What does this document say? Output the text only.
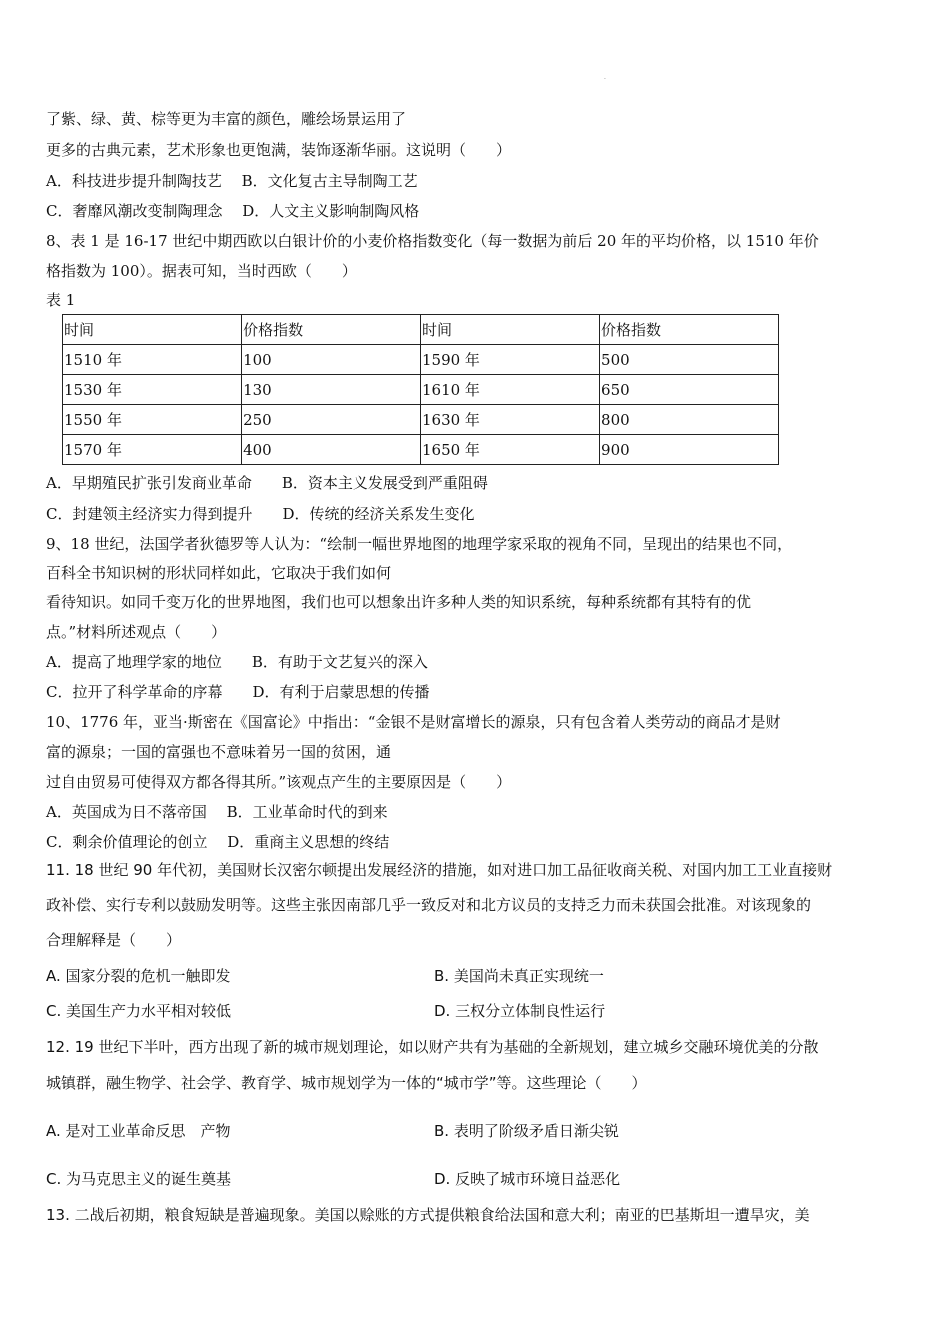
·
了紫、绿、黄、棕等更为丰富的颜色，雕绘场景运用了
更多的古典元素，艺术形象也更饱满，装饰逐渐华丽。这说明（　　）
A．科技进步提升制陶技艺　 B．文化复古主导制陶工艺
C．奢靡风潮改变制陶理念　 D．人文主义影响制陶风格
8、表 1 是 16-17 世纪中期西欧以白银计价的小麦价格指数变化（每一数据为前后 20 年的平均价格，以 1510 年价
格指数为 100）。据表可知，当时西欧（　　）
表 1
时间	价格指数	时间	价格指数
1510 年	100	1590 年	500
1530 年	130	1610 年	650
1550 年	250	1630 年	800
1570 年	400	1650 年	900
A．早期殖民扩张引发商业革命　　B．资本主义发展受到严重阻碍
C．封建领主经济实力得到提升　　D．传统的经济关系发生变化
9、18 世纪，法国学者狄德罗等人认为：“绘制一幅世界地图的地理学家采取的视角不同，呈现出的结果也不同，
百科全书知识树的形状同样如此，它取决于我们如何
看待知识。如同千变万化的世界地图，我们也可以想象出许多种人类的知识系统，每种系统都有其特有的优
点。”材料所述观点（　　）
A．提高了地理学家的地位　　B．有助于文艺复兴的深入
C．拉开了科学革命的序幕　　D．有利于启蒙思想的传播
10、1776 年，亚当·斯密在《国富论》中指出：“金银不是财富增长的源泉，只有包含着人类劳动的商品才是财
富的源泉；一国的富强也不意味着另一国的贫困，通
过自由贸易可使得双方都各得其所。”该观点产生的主要原因是（　　）
A．英国成为日不落帝国　 B．工业革命时代的到来
C．剩余价值理论的创立　 D．重商主义思想的终结
11. 18 世纪 90 年代初，美国财长汉密尔顿提出发展经济的措施，如对进口加工品征收商关税、对国内加工工业直接财
政补偿、实行专利以鼓励发明等。这些主张因南部几乎一致反对和北方议员的支持乏力而未获国会批准。对该现象的
合理解释是（　　）
A. 国家分裂的危机一触即发	B. 美国尚未真正实现统一
C. 美国生产力水平相对较低	D. 三权分立体制良性运行
12. 19 世纪下半叶，西方出现了新的城市规划理论，如以财产共有为基础的全新规划，建立城乡交融环境优美的分散
城镇群，融生物学、社会学、教育学、城市规划学为一体的“城市学”等。这些理论（　　）
A. 是对工业革命反思　产物	B. 表明了阶级矛盾日渐尖锐
C. 为马克思主义的诞生奠基	D. 反映了城市环境日益恶化
13. 二战后初期，粮食短缺是普遍现象。美国以赊账的方式提供粮食给法国和意大利；南亚的巴基斯坦一遭旱灾，美
